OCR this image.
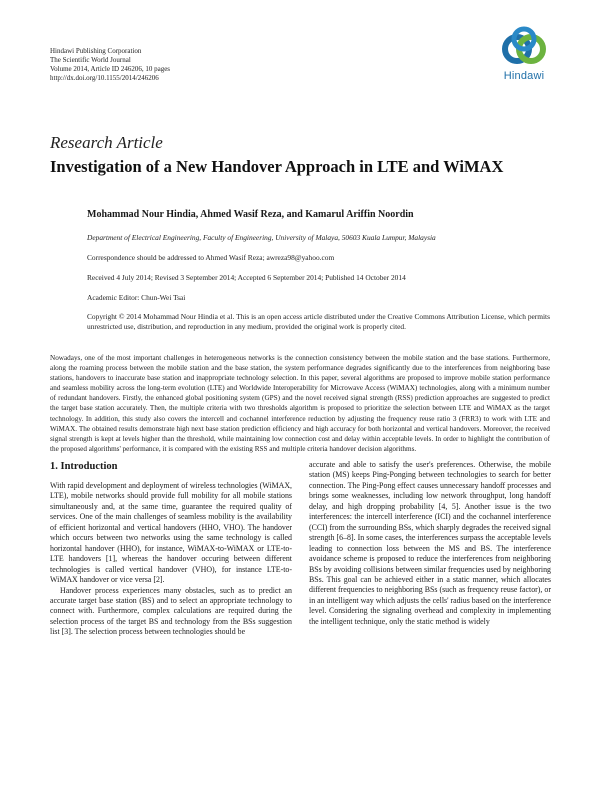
Hindawi Publishing Corporation
The Scientific World Journal
Volume 2014, Article ID 246206, 10 pages
http://dx.doi.org/10.1155/2014/246206	Hindawi
Research Article
Investigation of a New Handover Approach in LTE and WiMAX
Mohammad Nour Hindia, Ahmed Wasif Reza, and Kamarul Ariffin Noordin
Department of Electrical Engineering, Faculty of Engineering, University of Malaya, 50603 Kuala Lumpur, Malaysia
Correspondence should be addressed to Ahmed Wasif Reza; awreza98@yahoo.com
Received 4 July 2014; Revised 3 September 2014; Accepted 6 September 2014; Published 14 October 2014
Academic Editor: Chun-Wei Tsai
Copyright © 2014 Mohammad Nour Hindia et al. This is an open access article distributed under the Creative Commons Attribution License, which permits unrestricted use, distribution, and reproduction in any medium, provided the original work is properly cited.
Nowadays, one of the most important challenges in heterogeneous networks is the connection consistency between the mobile station and the base stations. Furthermore, along the roaming process between the mobile station and the base station, the system performance degrades significantly due to the interferences from neighboring base stations, handovers to inaccurate base station and inappropriate technology selection. In this paper, several algorithms are proposed to improve mobile station performance and seamless mobility across the long-term evolution (LTE) and Worldwide Interoperability for Microwave Access (WiMAX) technologies, along with a minimum number of redundant handovers. Firstly, the enhanced global positioning system (GPS) and the novel received signal strength (RSS) prediction approaches are suggested to predict the target base station accurately. Then, the multiple criteria with two thresholds algorithm is proposed to prioritize the selection between LTE and WiMAX as the target technology. In addition, this study also covers the intercell and cochannel interference reduction by adjusting the frequency reuse ratio 3 (FRR3) to work with LTE and WiMAX. The obtained results demonstrate high next base station prediction efficiency and high accuracy for both horizontal and vertical handovers. Moreover, the received signal strength is kept at levels higher than the threshold, while maintaining low connection cost and delay within acceptable levels. In order to highlight the contribution of the proposed algorithms' performance, it is compared with the existing RSS and multiple criteria handover decision algorithms.
1. Introduction

With rapid development and deployment of wireless technologies (WiMAX, LTE), mobile networks should provide full mobility for all mobile stations simultaneously and, at the same time, guarantee the required quality of services. One of the main challenges of seamless mobility is the availability of efficient horizontal and vertical handovers (HHO, VHO). The handover which occurs between two networks using the same technology is called horizontal handover (HHO), for instance, WiMAX-to-WiMAX or LTE-to-LTE handovers [1], whereas the handover occuring between different technologies is called vertical handover (VHO), for instance LTE-to-WiMAX handover or vice versa [2].

Handover process experiences many obstacles, such as to predict an accurate target base station (BS) and to select an appropriate technology to connect with. Furthermore, complex calculations are required during the selection process of the target BS and technology from the BSs suggestion list [3]. The selection process between technologies should be

accurate and able to satisfy the user's preferences. Otherwise, the mobile station (MS) keeps Ping-Ponging between technologies to search for better connection. The Ping-Pong effect causes unnecessary handoff processes and brings some weaknesses, including low network throughput, long handoff delay, and high dropping probability [4, 5]. Another issue is the two interferences: the intercell interference (ICI) and the cochannel interference (CCI) from the surrounding BSs, which sharply degrades the received signal strength [6–8]. In some cases, the interferences surpass the acceptable levels leading to connection loss between the MS and BS. The interference avoidance scheme is proposed to reduce the interferences from neighboring BSs by avoiding collisions between similar frequencies used by neighboring BSs. This goal can be achieved either in a static manner, which allocates different frequencies to neighboring BSs (such as frequency reuse factor), or in an intelligent way which adjusts the cells' radius based on the interference level. Considering the signaling overhead and complexity in implementing the intelligent technique, only the static method is widely
